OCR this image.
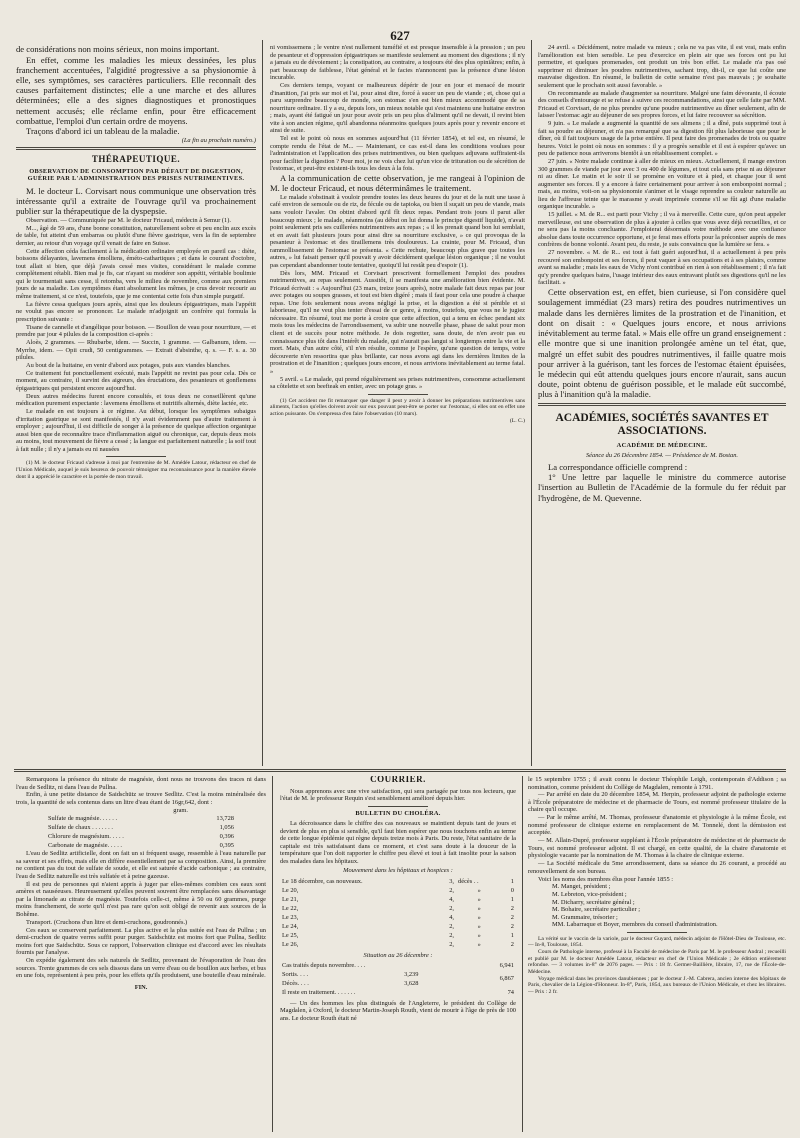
627

de considérations non moins sérieux, non moins important.

En effet, comme les maladies les mieux dessinées, les plus franchement accentuées, l'algidité progressive a sa physionomie à elle, ses symptômes, ses caractères particuliers. Elle reconnaît des causes parfaitement distinctes; elle a une marche et des allures déterminées; elle a des signes diagnostiques et pronostiques nettement accusés; elle réclame enfin, pour être efficacement combattue, l'emploi d'un certain ordre de moyens.

Traçons d'abord ici un tableau de la maladie.

(La fin au prochain numéro.)
THÉRAPEUTIQUE.
OBSERVATION DE CONSOMPTION PAR DÉFAUT DE DIGESTION, GUÉRIE PAR L'ADMINISTRATION DES PRISES NUTRIMENTIVES.

M. le docteur L. Corvisart nous communique une observation très intéressante qu'il a extraite de l'ouvrage qu'il va prochainement publier sur la thérapeutique de la dyspepsie.

Observation. — Communiquée par M. le docteur Fricaud, médecin à Semur (1).

M..., âgé de 59 ans, d'une bonne constitution, naturellement sobre et peu enclin aux excès de table, fut atteint d'un embarras ou plutôt d'une fièvre gastrique, vers la fin de septembre dernier, au retour d'un voyage qu'il venait de faire en Suisse.

Cette affection céda facilement à la médication ordinaire employée en pareil cas : diète, boissons délayantes, lavemens émolliens, éméto-cathartiques ; et dans le courant d'octobre, tout allait si bien, que déjà j'avais cessé mes visites, considérant le malade comme complètement rétabli. Bien mal je fis, car n'ayant su modérer son appétit, véritable boulimie qui le tourmentait sans cesse, il retomba, vers le milieu de novembre, comme aux premiers jours de sa maladie. Les symptômes étant absolument les mêmes, je crus devoir recourir au même traitement, si ce n'est, toutefois, que je me contentai cette fois d'un simple purgatif.

La fièvre cessa quelques jours après, ainsi que les douleurs épigastriques, mais l'appétit ne voulut pas encore se prononcer. Le malade m'adjoignit un confrère qui formula la prescription suivante :

Tisane de cannelle et d'angélique pour boisson. — Bouillon de veau pour nourriture, — et prendre par jour 4 pilules de la composition ci-après :

Aloès, 2 grammes. — Rhubarbe, idem. — Succin, 1 gramme. — Galbanum, idem. — Myrrhe, idem. — Opii crudi, 50 centigrammes. — Extrait d'absinthe, q. s. — F. s. a. 30 pilules.

Au bout de la huitaine, en venir d'abord aux potages, puis aux viandes blanches.

Ce traitement fut ponctuellement exécuté, mais l'appétit ne revint pas pour cela. Dès ce moment, au contraire, il survint des aigreurs, des éructations, des pesanteurs et gonflemens épigastriques qui persistent encore aujourd'hui.

Deux autres médecins furent encore consultés, et tous deux ne conseillèrent qu'une médication purement expectante : lavemens émolliens et nutritifs alternés, diète lactée, etc.

Le malade en est toujours à ce régime. Au début, lorsque les symptômes subaigus d'irritation gastrique se sont manifestés, il n'y avait évidemment pas d'autre traitement à employer ; aujourd'hui, il est difficile de songer à la présence de quelque affection organique aussi bien que de reconnaître trace d'inflammation aiguë ou chronique, car, depuis deux mois au moins, tout mouvement de fièvre a cessé ; la langue est parfaitement naturelle ; la soif tout à fait nulle ; il n'y a jamais eu ni nausées

(1) M. le docteur Fricaud s'adresse à moi par l'entremise de M. Amédée Latour, rédacteur en chef de l'Union Médicale, auquel je suis heureux de pouvoir témoigner ma reconnaissance pour la manière élevée dont il a apprécié le caractère et la portée de mon travail.

ni vomissemens ; le ventre n'est nullement tuméfié et est presque insensible à la pression ; un peu de pesanteur et d'oppression épigastriques se manifeste seulement au moment des digestions ; il n'y a jamais eu de dévoiement ; la constipation, au contraire, a toujours été des plus opiniâtres; enfin, à part beaucoup de faiblesse, l'état général et le facies n'annoncent pas la présence d'une lésion incurable.

Ces derniers temps, voyant ce malheureux dépérir de jour en jour et menacé de mourir d'inanition, j'ai pris sur moi et l'ai, pour ainsi dire, forcé à sucer un peu de viande ; et, chose qui a paru surprendre beaucoup de monde, son estomac s'en est bien mieux accommodé que de sa nourriture ordinaire. Il y a eu, depuis lors, un mieux notable qui s'est maintenu une huitaine environ ; mais, ayant été fatigué un jour pour avoir pris un peu plus d'aliment qu'il ne devait, il revint bien vite à son ancien régime, qu'il abandonna néanmoins quelques jours après pour y revenir encore et ainsi de suite.

Tel est le point où nous en sommes aujourd'hui (11 février 1854), et tel est, en résumé, le compte rendu de l'état de M... — Maintenant, ce cas est-il dans les conditions voulues pour l'administration et l'application des prises nutrimentives, ou bien quelques adjuvans suffiraient-ils pour faciliter la digestion ? Pour moi, je ne vois chez lui qu'un vice de trituration ou de sécrétion de l'estomac, et peut-être existent-ils tous les deux à la fois.

A la communication de cette observation, je me rangeai à l'opinion de M. le docteur Fricaud, et nous déterminâmes le traitement.

Le malade s'obstinait à vouloir prendre toutes les deux heures du jour et de la nuit une tasse à café environ de semoule ou de riz, de fécule ou de tapioka, ou bien il suçait un peu de viande, mais sans vouloir l'avaler. On obtint d'abord qu'il fît deux repas. Pendant trois jours il parut aller beaucoup mieux ; le malade, néanmoins (au début on lui donna le principe digestif liquide), n'avait point seulement pris ses cuillerées nutrimentives aux repas ; « il les prenait quand bon lui semblait, et en avait fait plusieurs jours pour ainsi dire sa nourriture exclusive, » ce qui provoqua de la pesanteur à l'estomac et des tiraillemens très douloureux. La crainte, pour M. Fricaud, d'un rammollissement de l'estomac se présenta. « Cette rechute, beaucoup plus grave que toutes les autres, » lui faisait penser qu'il pouvait y avoir décidément quelque lésion organique ; il ne voulut pas cependant abandonner toute tentative, quoiqu'il lui restât peu d'espoir (1).

Dès lors, MM. Fricaud et Corvisart prescrivent formellement l'emploi des poudres nutrimentives, au repas seulement. Aussitôt, il se manifesta une amélioration bien évidente. M. Fricaud écrivait : « Aujourd'hui (23 mars, treize jours après), notre malade fait deux repas par jour avec potages ou soupes grasses, et tout est bien digéré ; mais il faut pour cela une poudre à chaque repas. Une fois seulement nous avons négligé la prise, et la digestion a été si pénible et si laborieuse, qu'il ne veut plus tenter d'essai de ce genre, à moins, toutefois, que vous ne le jugiez nécessaire. En résumé, tout me porte à croire que cette affection, qui a tenu en échec pendant six mois tous les médecins de l'arrondissement, va subir une nouvelle phase, phase de salut pour mon client et de succès pour notre méthode. Je dois regretter, sans doute, de n'en avoir pas eu connaissance plus tôt dans l'intérêt du malade, qui n'aurait pas langui si longtemps entre la vie et la mort. Mais, d'un autre côté, s'il n'en résulte, comme je l'espère, qu'une question de temps, votre découverte n'en ressortira que plus brillante, car nous avons agi dans les dernières limites de la prostration et de l'inanition ; quelques jours encore, et nous arrivions inévitablement au terme fatal. »

5 avril. « Le malade, qui prend régulièrement ses prises nutrimentives, consomme actuellement sa côtelette et son beefteak en entier, avec un potage gras. »

(1) Cet accident me fit remarquer que danger il peut y avoir à donner les préparations nutrimentives sans aliments, l'action qu'elles doivent avoir sur eux pouvant peut-être se porter sur l'estomac, si elles ont en effet une action puissante. On s'empressa d'en faire l'observation (10 mars).

(L. C.)

24 avril. « Décidément, notre malade va mieux ; cela ne va pas vite, il est vrai, mais enfin l'amélioration est bien sensible. Le peu d'exercice en plein air que ses forces ont pu lui permettre, et quelques promenades, ont produit un très bon effet. Le malade n'a pas osé supprimer ni diminuer les poudres nutrimentives, sachant trop, dit-il, ce que lui coûte une mauvaise digestion. En résumé, le bulletin de cette semaine n'est pas mauvais ; je souhaite seulement que le prochain soit aussi favorable. »

On recommande au malade d'augmenter sa nourriture. Malgré une faim dévorante, il écoute des conseils d'entourage et se refuse à suivre ces recommandations, ainsi que celle faite par MM. Fricaud et Corvisart, de ne plus prendre qu'une poudre nutrimentive au dîner seulement, afin de laisser l'estomac agir au déjeuner de ses propres forces, et lui faire recouvrer sa sécrétion.

9 juin. « Le malade a augmenté la quantité de ses alimens ; il a dîné, puis supprimé tout à fait sa poudre au déjeuner, et n'a pas remarqué que sa digestion fût plus laborieuse que pour le dîner, où il fait toujours usage de la prise entière. Il peut faire des promenades de trois ou quatre heures. Voici le point où nous en sommes : il y a progrès sensible et il est à espérer qu'avec un peu de patience nous arriverons bientôt à un rétablissement complet. »

27 juin. « Notre malade continue à aller de mieux en mieux. Actuellement, il mange environ 300 grammes de viande par jour avec 3 ou 400 de légumes, et tout cela sans prise ni au déjeuner ni au dîner. Le matin et le soir il se promène en voiture et à pied, et chaque jour il sent augmenter ses forces. Il y a encore à faire certainement pour arriver à son embonpoint normal ; mais, au moins, voit-on sa physionomie s'animer et le visage reprendre sa couleur naturelle au lieu de l'affreuse teinte que le marasme y avait imprimée comme s'il se fût agi d'une maladie organique incurable. »

15 juillet. « M. de R... est parti pour Vichy ; il va à merveille. Cette cure, qu'on peut appeler merveilleuse, est une observation de plus à ajouter à celles que vous avez déjà recueillies, et ce ne sera pas la moins concluante. J'emploierai désormais votre méthode avec une confiance absolue dans toute occurrence opportune, et je ferai mes efforts pour la préconiser auprès de mes confrères de bonne volonté. Avant peu, du reste, je suis convaincu que la lumière se fera. »

27 novembre. « M. de R... est tout à fait guéri aujourd'hui, il a actuellement à peu près recouvré son embonpoint et ses forces, il peut vaquer à ses occupations et à ses plaisirs, comme avant sa maladie ; mais les eaux de Vichy n'ont contribué en rien à son rétablissement ; il n'a fait qu'y prendre quelques bains, l'usage intérieur des eaux entravant plutôt ses digestions qu'il ne les facilitait. »

Cette observation est, en effet, bien curieuse, si l'on considère quel soulagement immédiat (23 mars) retira des poudres nutrimentives un malade dans les dernières limites de la prostration et de l'inanition, et dont on disait : « Quelques jours encore, et nous arrivions inévitablement au terme fatal. » Mais elle offre un grand enseignement : elle montre que si une inanition prolongée amène un tel état, que, malgré un effet subit des poudres nutrimentives, il faille quatre mois pour arriver à la guérison, tant les forces de l'estomac étaient épuisées, le médecin qui eût attendu quelques jours encore n'aurait, sans aucun doute, point obtenu de guérison possible, et le malade eût succombé, plus à l'inanition qu'à la maladie.

ACADÉMIES, SOCIÉTÉS SAVANTES ET ASSOCIATIONS.
ACADÉMIE DE MÉDECINE.
Séance du 26 Décembre 1854. — Présidence de M. Bostan.

La correspondance officielle comprend :

1° Une lettre par laquelle le ministre du commerce autorise l'insertion au Bulletin de l'Académie de la formule du fer réduit par l'hydrogène, de M. Quevenne.

Remarquons la présence du nitrate de magnésie, dont nous ne trouvons des traces ni dans l'eau de Sedlitz, ni dans l'eau de Pullna.

Enfin, à une petite distance de Saidschütz se trouve Sedlitz. C'est la moins minéralisée des trois, la quantité de sels contenus dans un litre d'eau étant de 16gr,642, dont :

gram.
Sulfate de magnésie. . . . . .	13,728
Sulfate de chaux . . . . . . .	1,056
Chlorure de magnésium. . . . .	0,396
Carbonate de magnésie. . . . .	0,395

L'eau de Sedlitz artificielle, dont on fait un si fréquent usage, ressemble à l'eau naturelle par sa saveur et ses effets, mais elle en diffère essentiellement par sa composition. Ainsi, la première ne contient pas du tout de sulfate de soude, et elle est saturée d'acide carbonique ; au contraire, l'eau de Sedlitz naturelle est très sulfatée et à peine gazeuse.

Il est peu de personnes qui n'aient appris à juger par elles-mêmes combien ces eaux sont amères et nauséeuses. Heureusement qu'elles peuvent souvent être remplacées sans désavantage par la limonade au citrate de magnésie. Toutefois celle-ci, même à 50 ou 60 grammes, purge moins franchement, de sorte qu'il n'est pas rare qu'on soit obligé de revenir aux sources de la Bohême.

Transport. (Cruchons d'un litre et demi-cruchons, goudronnés.)

Ces eaux se conservent parfaitement. La plus active et la plus usitée est l'eau de Pullna ; un demi-cruchon de quatre verres suffit pour purger. Saidschütz est moins fort que Pullna, Sedlitz moins fort que Saidschütz. Sous ce rapport, l'observation clinique est d'accord avec les résultats fournis par l'analyse.

On expédie également des sels naturels de Sedlitz, provenant de l'évaporation de l'eau des sources. Trente grammes de ces sels dissous dans un verre d'eau ou de bouillon aux herbes, et bus en une fois, représentent à peu près, pour les effets qu'ils produisent, une bouteille d'eau minérale.

FIN.
COURRIER.

Nous apprenons avec une vive satisfaction, qui sera partagée par tous nos lecteurs, que l'état de M. le professeur Requin s'est sensiblement amélioré depuis hier.

BULLETIN DU CHOLÉRA.

La décroissance dans le chiffre des cas nouveaux se maintient depuis tant de jours et devient de plus en plus si sensible, qu'il faut bien espérer que nous touchons enfin au terme de cette longue épidémie qui règne depuis treize mois à Paris. Du reste, l'état sanitaire de la capitale est très satisfaisant dans ce moment, et c'est sans doute à la douceur de la température que l'on doit rapporter le chiffre peu élevé et tout à fait insolite pour la saison des malades dans les hôpitaux.

Mouvement dans les hôpitaux et hospices :
Le 18 décembre, cas nouveaux.	3,	décès . .	1
Le 20,	2,	»	0
Le 21,	4,	»	1
Le 22,	2,	»	2
Le 23,	4,	»	2
Le 24,	2,	»	2
Le 25,	2,	»	1
Le 26,	2,	»	2
Situation au 26 décembre :
Cas traités depuis novembre. . . .		6,941
Sortis. . . .	3,239	6,867
Décès. . . .	3,628	
Il reste en traitement. . . . . . .		74

— Un des hommes les plus distingués de l'Angleterre, le président du Collège de Magdalen, à Oxford, le docteur Martin-Joseph Routh, vient de mourir à l'âge de près de 100 ans. Le docteur Routh était né

le 15 septembre 1755 ; il avait connu le docteur Théophile Leigh, contemporain d'Addison ; sa nomination, comme président du Collège de Magdalen, remonte à 1791.

— Par arrêté en date du 20 décembre 1854, M. Herpin, professeur adjoint de pathologie externe à l'École préparatoire de médecine et de pharmacie de Tours, est nommé professeur titulaire de la chaire qu'il occupe.

— Par le même arrêté, M. Thomas, professeur d'anatomie et physiologie à la même École, est nommé professeur de clinique externe en remplacement de M. Tonnelé, dont la démission est acceptée.

— M. Allain-Dupré, professeur suppléant à l'École préparatoire de médecine et de pharmacie de Tours, est nommé professeur adjoint. Il est chargé, en cette qualité, de la chaire d'anatomie et physiologie vacante par la nomination de M. Thomas à la chaire de clinique externe.

— La Société médicale du 5me arrondissement, dans sa séance du 26 courant, a procédé au renouvellement de son bureau.

Voici les noms des membres élus pour l'année 1855 :

M. Manget, président ;
M. Lebreton, vice-président ;
M. Dicharry, secrétaire général ;
M. Bohaire, secrétaire particulier ;
M. Grammaire, trésorier ;
MM. Labarraque et Boyer, membres du conseil d'administration.

La vérité sur le vaccin de la variole, par le docteur Guyard, médecin adjoint de l'Hôtel-Dieu de Toulouse, etc. — In-8, Toulouse, 1854.

Cours de Pathologie interne, professé à la Faculté de médecine de Paris par M. le professeur Andral ; recueilli et publié par M. le docteur Amédée Latour, rédacteur en chef de l'Union Médicale ; 2e édition entièrement refondue. — 3 volumes in-8° de 2076 pages. — Prix : 18 fr. Germer-Baillière, libraire, 17, rue de l'École-de-Médecine.

Voyage médical dans les provinces danubiennes ; par le docteur J.-M. Cabrera, ancien interne des hôpitaux de Paris, chevalier de la Légion-d'Honneur. In-8°, Paris, 1854, aux bureaux de l'Union Médicale, et chez les libraires. — Prix : 2 fr.
